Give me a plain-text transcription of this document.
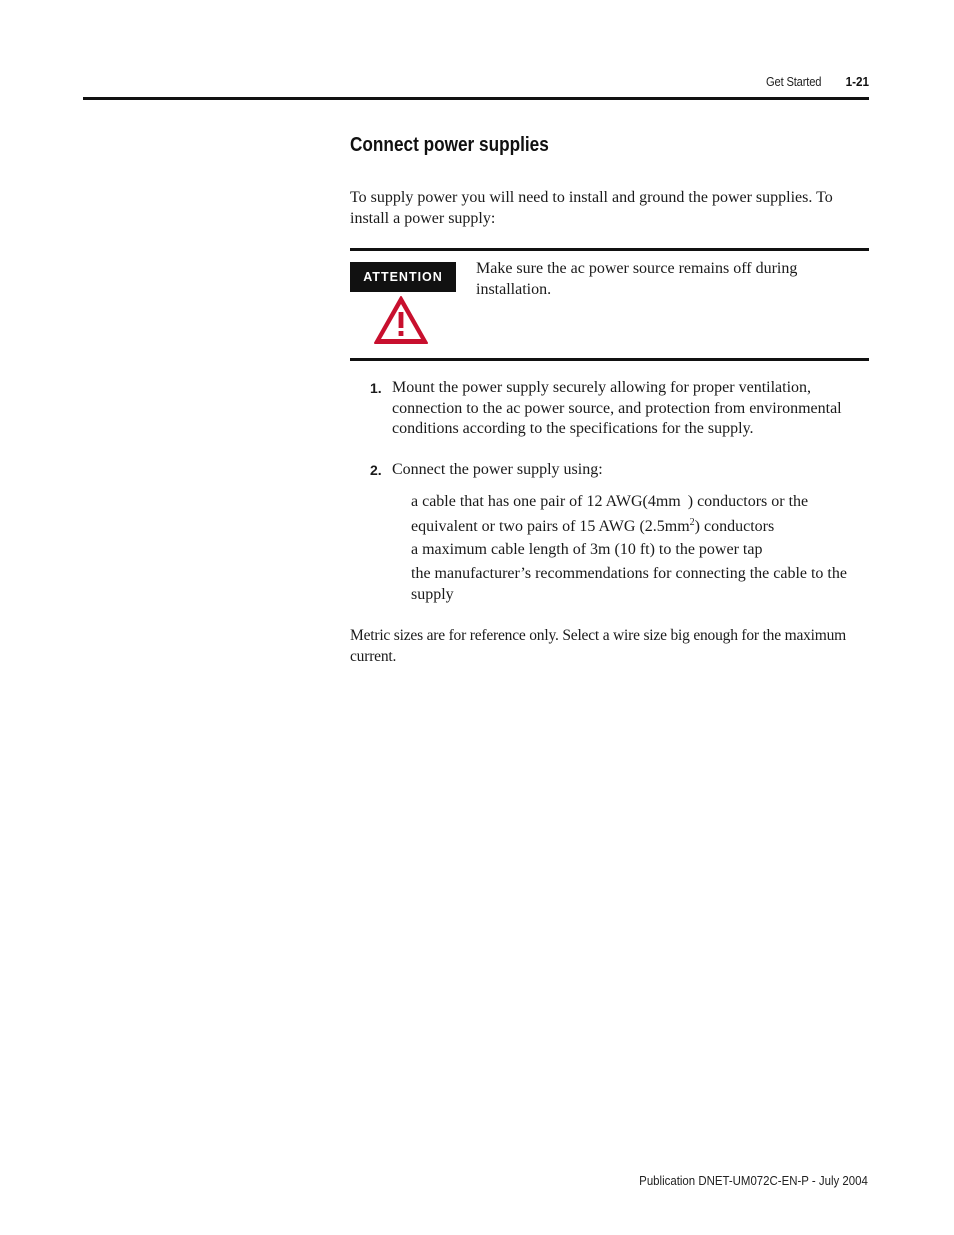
Get Started 1-21
Connect power supplies
To supply power you will need to install and ground the power supplies. To install a power supply:
ATTENTION	Make sure the ac power source remains off during installation.
1. Mount the power supply securely allowing for proper ventilation, connection to the ac power source, and protection from environmental conditions according to the specifications for the supply.
2. Connect the power supply using:
a cable that has one pair of 12 AWG(4mm ) conductors or the equivalent or two pairs of 15 AWG $(2.5mm^2)$ conductors
a maximum cable length of 3m (10 ft) to the power tap
the manufacturer’s recommendations for connecting the cable to the supply
Metric sizes are for reference only. Select a wire size big enough for the maximum current.
Publication DNET-UM072C-EN-P - July 2004
